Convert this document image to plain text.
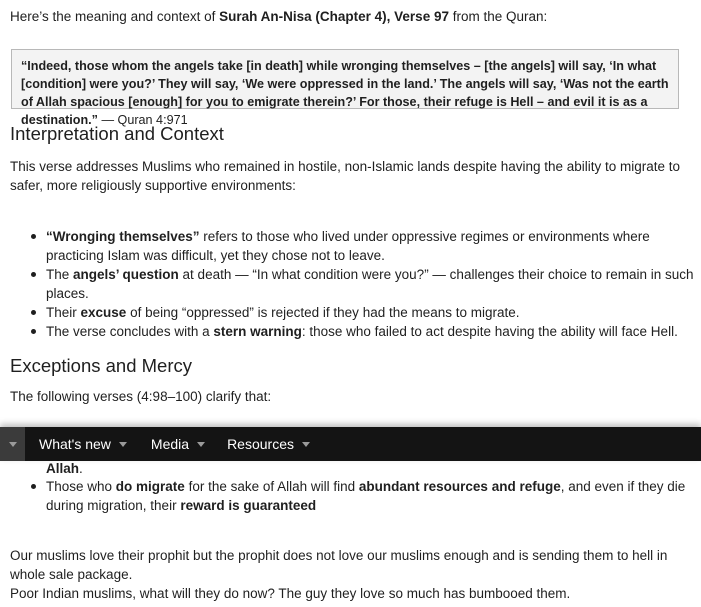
Here’s the meaning and context of Surah An-Nisa (Chapter 4), Verse 97 from the Quran:
“Indeed, those whom the angels take [in death] while wronging themselves – [the angels] will say, ‘In what [condition] were you?’ They will say, ‘We were oppressed in the land.’ The angels will say, ‘Was not the earth of Allah spacious [enough] for you to emigrate therein?’ For those, their refuge is Hell – and evil it is as a destination.” — Quran 4:971
Interpretation and Context
This verse addresses Muslims who remained in hostile, non-Islamic lands despite having the ability to migrate to safer, more religiously supportive environments:
“Wronging themselves” refers to those who lived under oppressive regimes or environments where practicing Islam was difficult, yet they chose not to leave.
The angels’ question at death — “In what condition were you?” — challenges their choice to remain in such places.
Their excuse of being “oppressed” is rejected if they had the means to migrate.
The verse concludes with a stern warning: those who failed to act despite having the ability will face Hell.
Exceptions and Mercy
The following verses (4:98–100) clarify that:
Allah.
Those who do migrate for the sake of Allah will find abundant resources and refuge, and even if they die during migration, their reward is guaranteed
Our muslims love their prophit but the prophit does not love our muslims enough and is sending them to hell in whole sale package.
Poor Indian muslims, what will they do now? The guy they love so much has bumbooed them.
What's new	Media	Resources
